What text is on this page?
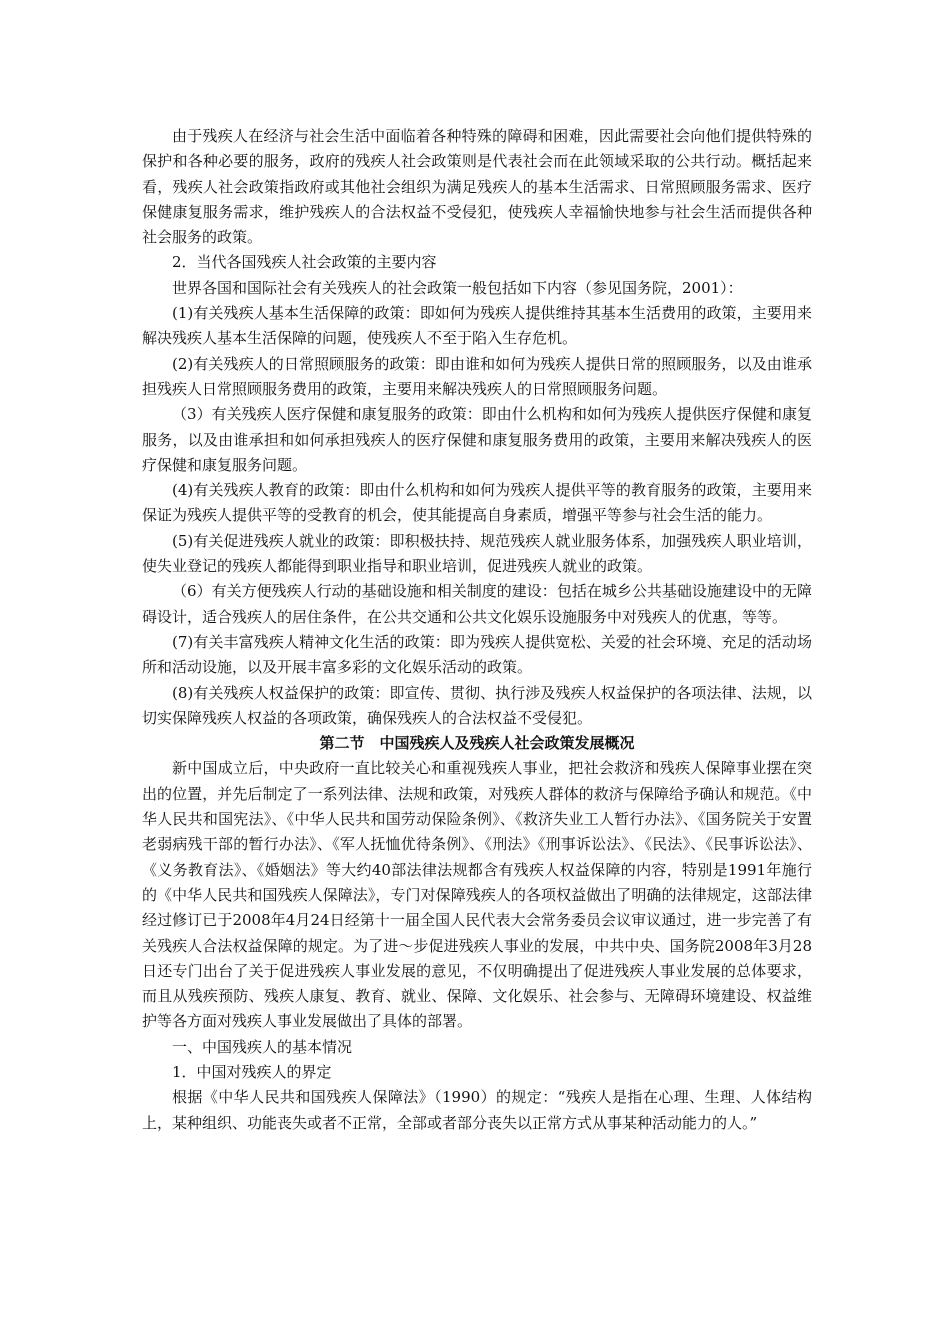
由于残疾人在经济与社会生活中面临着各种特殊的障碍和困难，因此需要社会向他们提供特殊的保护和各种必要的服务，政府的残疾人社会政策则是代表社会而在此领域采取的公共行动。概括起来看，残疾人社会政策指政府或其他社会组织为满足残疾人的基本生活需求、日常照顾服务需求、医疗保健康复服务需求，维护残疾人的合法权益不受侵犯，使残疾人幸福愉快地参与社会生活而提供各种社会服务的政策。

2．当代各国残疾人社会政策的主要内容

世界各国和国际社会有关残疾人的社会政策一般包括如下内容（参见国务院，2001）：

(1)有关残疾人基本生活保障的政策：即如何为残疾人提供维持其基本生活费用的政策，主要用来解决残疾人基本生活保障的问题，使残疾人不至于陷入生存危机。

(2)有关残疾人的日常照顾服务的政策：即由谁和如何为残疾人提供日常的照顾服务，以及由谁承担残疾人日常照顾服务费用的政策，主要用来解决残疾人的日常照顾服务问题。

（3）有关残疾人医疗保健和康复服务的政策：即由什么机构和如何为残疾人提供医疗保健和康复服务，以及由谁承担和如何承担残疾人的医疗保健和康复服务费用的政策，主要用来解决残疾人的医疗保健和康复服务问题。

(4)有关残疾人教育的政策：即由什么机构和如何为残疾人提供平等的教育服务的政策，主要用来保证为残疾人提供平等的受教育的机会，使其能提高自身素质，增强平等参与社会生活的能力。

(5)有关促进残疾人就业的政策：即积极扶持、规范残疾人就业服务体系，加强残疾人职业培训，使失业登记的残疾人都能得到职业指导和职业培训，促进残疾人就业的政策。

（6）有关方便残疾人行动的基础设施和相关制度的建设：包括在城乡公共基础设施建设中的无障碍设计，适合残疾人的居住条件，在公共交通和公共文化娱乐设施服务中对残疾人的优惠，等等。

(7)有关丰富残疾人精神文化生活的政策：即为残疾人提供宽松、关爱的社会环境、充足的活动场所和活动设施，以及开展丰富多彩的文化娱乐活动的政策。

(8)有关残疾人权益保护的政策：即宣传、贯彻、执行涉及残疾人权益保护的各项法律、法规，以切实保障残疾人权益的各项政策，确保残疾人的合法权益不受侵犯。

第二节　中国残疾人及残疾人社会政策发展概况

新中国成立后，中央政府一直比较关心和重视残疾人事业，把社会救济和残疾人保障事业摆在突出的位置，并先后制定了一系列法律、法规和政策，对残疾人群体的救济与保障给予确认和规范。《中华人民共和国宪法》、《中华人民共和国劳动保险条例》、《救济失业工人暂行办法》、《国务院关于安置老弱病残干部的暂行办法》、《军人抚恤优待条例》、《刑法》《刑事诉讼法》、《民法》、《民事诉讼法》、《义务教育法》、《婚姻法》等大约40部法律法规都含有残疾人权益保障的内容，特别是1991年施行的《中华人民共和国残疾人保障法》，专门对保障残疾人的各项权益做出了明确的法律规定，这部法律经过修订已于2008年4月24日经第十一届全国人民代表大会常务委员会议审议通过，进一步完善了有关残疾人合法权益保障的规定。为了进～步促进残疾人事业的发展，中共中央、国务院2008年3月28日还专门出台了关于促进残疾人事业发展的意见，不仅明确提出了促进残疾人事业发展的总体要求，而且从残疾预防、残疾人康复、教育、就业、保障、文化娱乐、社会参与、无障碍环境建设、权益维护等各方面对残疾人事业发展做出了具体的部署。

一、中国残疾人的基本情况

1．中国对残疾人的界定

根据《中华人民共和国残疾人保障法》（1990）的规定：“残疾人是指在心理、生理、人体结构上，某种组织、功能丧失或者不正常，全部或者部分丧失以正常方式从事某种活动能力的人。”
